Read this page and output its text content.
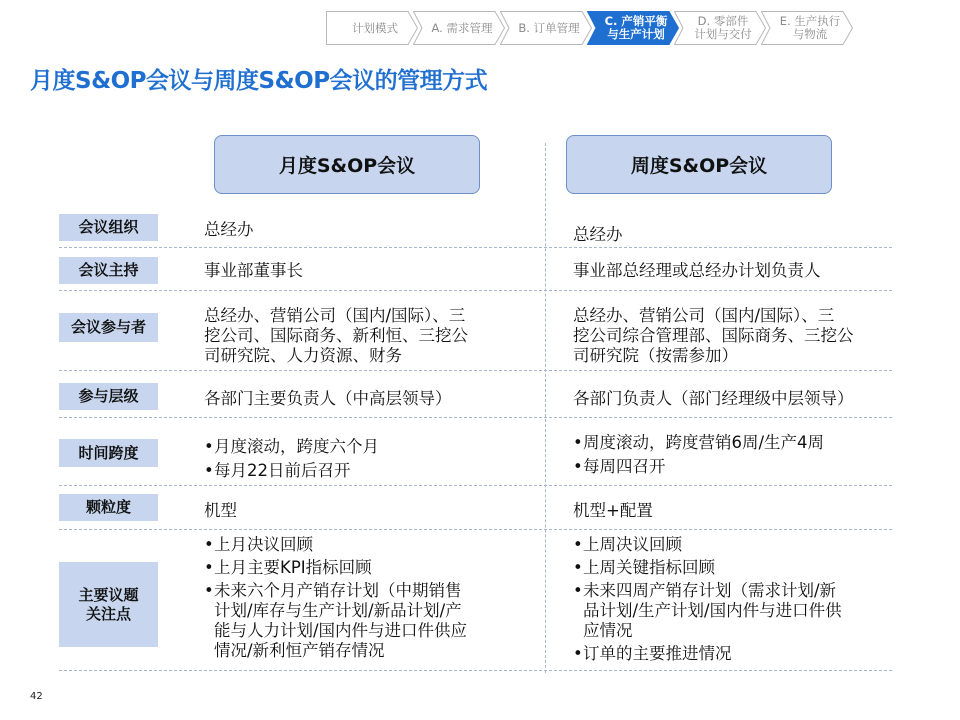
计划模式	A. 需求管理 B. 订单管理 C. 产销平衡
与生产计划
D. 零部件
计划与交付
E. 生产执行
与物流
月度S&OP会议与周度S&OP会议的管理方式
月度S&OP会议	周度S&OP会议
会议组织	总经办	总经办
会议主持	事业部董事长	事业部总经理或总经办计划负责人
会议参与者
总经办、营销公司（国内/国际）、三
挖公司、国际商务、新利恒、三挖公
司研究院、人力资源、财务
总经办、营销公司（国内/国际）、三
挖公司综合管理部、国际商务、三挖公
司研究院（按需参加）
参与层级	各部门主要负责人（中高层领导）	各部门负责人（部门经理级中层领导）
时间跨度
•	月度滚动，跨度六个月
• 每月22日前后召开
• 周度滚动，跨度营销6周/生产4周
• 每周四召开
颗粒度	机型	机型+配置
主要议题
关注点
• 上月决议回顾
• 上月主要KPI指标回顾
• 未来六个月产销存计划（中期销售
计划/库存与生产计划/新品计划/产
能与人力计划/国内件与进口件供应
情况/新利恒产销存情况
• 上周决议回顾
• 上周关键指标回顾
• 未来四周产销存计划（需求计划/新
品计划/生产计划/国内件与进口件供
应情况
• 订单的主要推进情况
42
